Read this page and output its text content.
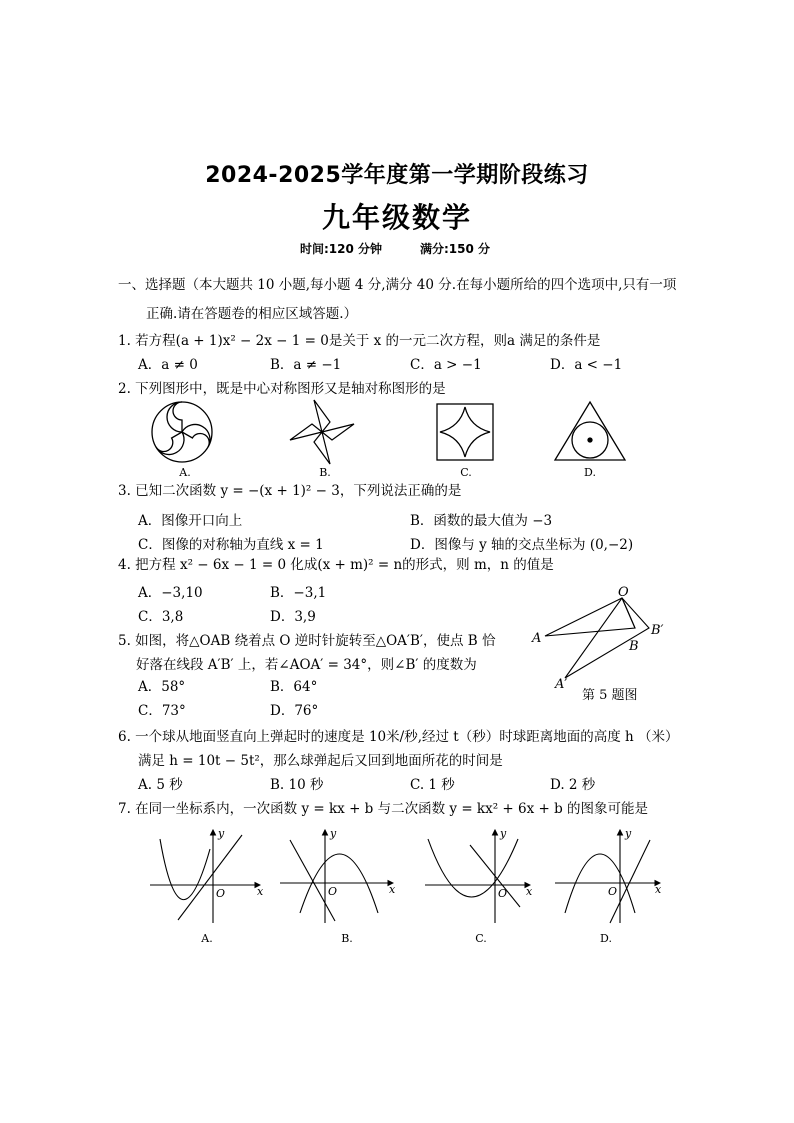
2024-2025学年度第一学期阶段练习
九年级数学
时间:120 分钟	满分:150 分
一、选择题（本大题共 10 小题,每小题 4 分,满分 40 分.在每小题所给的四个选项中,只有一项
正确.请在答题卷的相应区域答题.）
1. 若方程(a + 1)x² − 2x − 1 = 0是关于 x 的一元二次方程，则a 满足的条件是
A．a ≠ 0	B．a ≠ −1	C．a > −1	D．a < −1
2. 下列图形中，既是中心对称图形又是轴对称图形的是
A.	B.	C.	D.
3. 已知二次函数 y = −(x + 1)² − 3，下列说法正确的是
A．图像开口向上	B．函数的最大值为 −3
C．图像的对称轴为直线 x = 1	D．图像与 y 轴的交点坐标为 (0,−2)
4. 把方程 x² − 6x − 1 = 0 化成(x + m)² = n的形式，则 m，n 的值是
A．−3,10	B．−3,1
C．3,8	D．3,9
5. 如图，将△OAB 绕着点 O 逆时针旋转至△OA′B′，使点 B 恰
好落在线段 A′B′ 上，若∠AOA′ = 34°，则∠B′ 的度数为
A．58°	B．64°
C．73°	D．76°
O
A
B′
B
A′
第 5 题图
6. 一个球从地面竖直向上弹起时的速度是 10米/秒,经过 t（秒）时球距离地面的高度 h （米）
满足 h = 10t − 5t²，那么球弹起后又回到地面所花的时间是
A. 5 秒	B. 10 秒	C. 1 秒	D. 2 秒
7. 在同一坐标系内，一次函数 y = kx + b 与二次函数 y = kx² + 6x + b 的图象可能是
x
y
O	x
y
O	x
y
O	x
y
O
A.	B.	C.	D.
